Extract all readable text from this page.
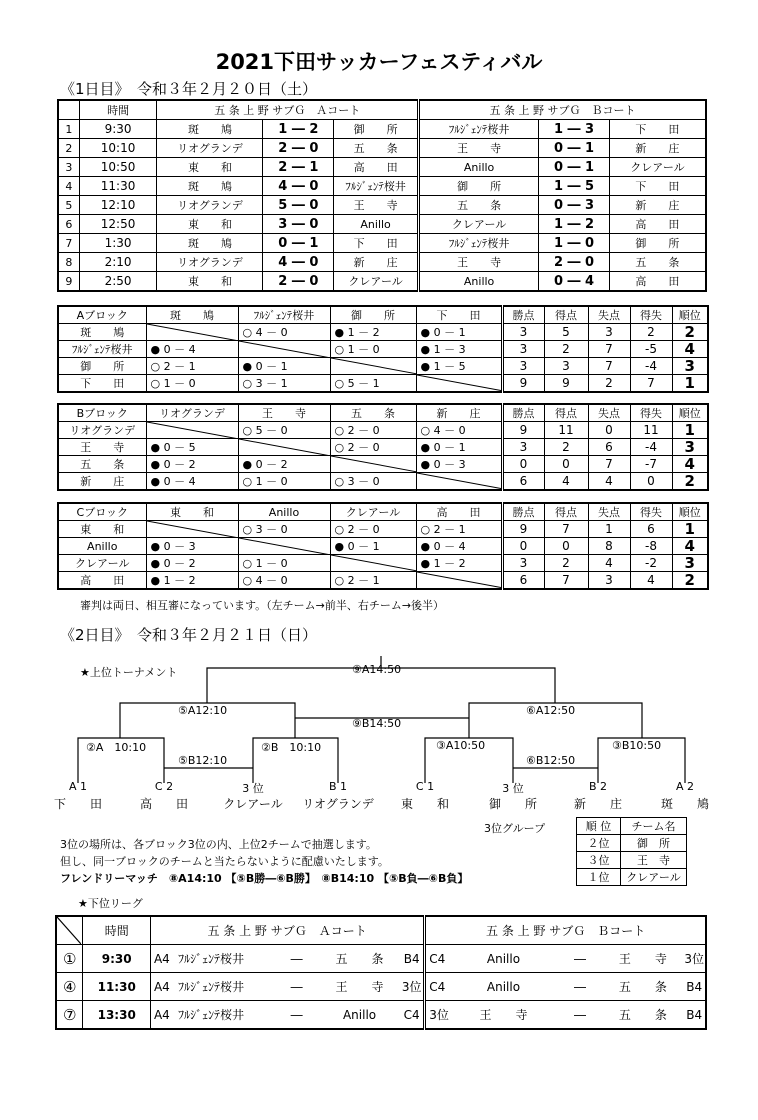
2021下田サッカーフェスティバル
《1日目》　令和３年２月２０日（土）
	時間	五 条 上 野 サブＧ　Ａコート			五 条 上 野 サブＧ　Ｂコート		
1	9:30	斑　　鳩	1 ― 2	御　　所	ﾌﾙｼﾞｪﾝﾃ桜井	1 ― 3	下　　田
2	10:10	リオグランデ	2 ― 0	五　　条	王　　寺	0 ― 1	新　　庄
3	10:50	東　　和	2 ― 1	高　　田	Anillo	0 ― 1	クレアール
4	11:30	斑　　鳩	4 ― 0	ﾌﾙｼﾞｪﾝﾃ桜井	御　　所	1 ― 5	下　　田
5	12:10	リオグランデ	5 ― 0	王　　寺	五　　条	0 ― 3	新　　庄
6	12:50	東　　和	3 ― 0	Anillo	クレアール	1 ― 2	高　　田
7	1:30	斑　　鳩	0 ― 1	下　　田	ﾌﾙｼﾞｪﾝﾃ桜井	1 ― 0	御　　所
8	2:10	リオグランデ	4 ― 0	新　　庄	王　　寺	2 ― 0	五　　条
9	2:50	東　　和	2 ― 0	クレアール	Anillo	0 ― 4	高　　田
Aブロック	斑　　鳩	ﾌﾙｼﾞｪﾝﾃ桜井	御　　所	下　　田	勝点	得点	失点	得失	順位
斑　　鳩		○ 4 － 0	● 1 － 2	● 0 － 1	3	5	3	2	2
ﾌﾙｼﾞｪﾝﾃ桜井	● 0 － 4		○ 1 － 0	● 1 － 3	3	2	7	-5	4
御　　所	○ 2 － 1	● 0 － 1		● 1 － 5	3	3	7	-4	3
下　　田	○ 1 － 0	○ 3 － 1	○ 5 － 1		9	9	2	7	1
Bブロック	リオグランデ	王　　寺	五　　条	新　　庄	勝点	得点	失点	得失	順位
リオグランデ		○ 5 － 0	○ 2 － 0	○ 4 － 0	9	11	0	11	1
王　　寺	● 0 － 5		○ 2 － 0	● 0 － 1	3	2	6	-4	3
五　　条	● 0 － 2	● 0 － 2		● 0 － 3	0	0	7	-7	4
新　　庄	● 0 － 4	○ 1 － 0	○ 3 － 0		6	4	4	0	2
Cブロック	東　　和	Anillo	クレアール	高　　田	勝点	得点	失点	得失	順位
東　　和		○ 3 － 0	○ 2 － 0	○ 2 － 1	9	7	1	6	1
Anillo	● 0 － 3		● 0 － 1	● 0 － 4	0	0	8	-8	4
クレアール	● 0 － 2	○ 1 － 0		● 1 － 2	3	2	4	-2	3
高　　田	● 1 － 2	○ 4 － 0	○ 2 － 1		6	7	3	4	2
審判は両日、相互審になっています。（左チーム→前半、右チーム→後半）
《2日目》　令和３年２月２１日（日）
★上位トーナメント	⑨A14:50
⑤A12:10	⑥A12:50
⑨B14:50
②A　10:10	②B　10:10	③A10:50	③B10:50
⑤B12:10	⑥B12:50
A 1
下　　田
C 2
高　　田
3 位
クレアール
B 1
リオグランデ
C 1
東　　和
3 位
御　　所
B 2
新　　庄
A 2
斑　　鳩
3位グループ	順 位	チーム名
２位	御　所
３位	王　寺
１位	クレアール
3位の場所は、各ブロック3位の内、上位2チームで抽選します。
但し、同一ブロックのチームと当たらないように配慮いたします。
フレンドリーマッチ　⑧A14:10 【⑤B勝―⑥B勝】　⑧B14:10 【⑤B負―⑥B負】
★下位リーグ
	時間	五 条 上 野 サブＧ　Ａコート					五 条 上 野 サブＧ　Ｂコート				
①	9:30	A4	ﾌﾙｼﾞｪﾝﾃ桜井	―	五　　条	B4	C4	Anillo	―	王　　寺	3位
④	11:30	A4	ﾌﾙｼﾞｪﾝﾃ桜井	―	王　　寺	3位	C4	Anillo	―	五　　条	B4
⑦	13:30	A4	ﾌﾙｼﾞｪﾝﾃ桜井	―	Anillo	C4	3位	王　　寺	―	五　　条	B4
